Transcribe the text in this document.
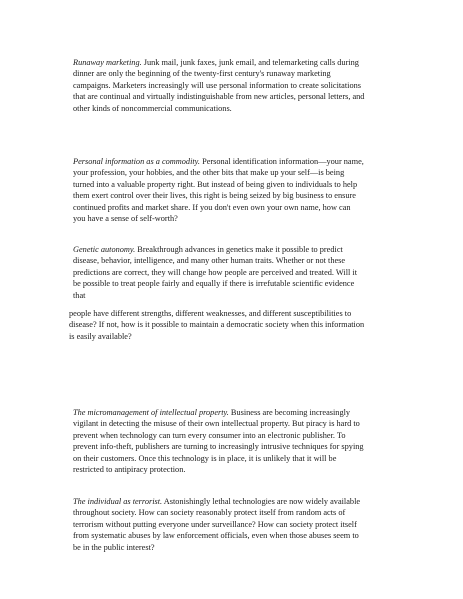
Runaway marketing. Junk mail, junk faxes, junk email, and telemarketing calls during
dinner are only the beginning of the twenty-first century's runaway marketing
campaigns. Marketers increasingly will use personal information to create solicitations
that are continual and virtually indistinguishable from new articles, personal letters, and
other kinds of noncommercial communications.
Personal information as a commodity. Personal identification information—your name,
your profession, your hobbies, and the other bits that make up your self—is being
turned into a valuable property right. But instead of being given to individuals to help
them exert control over their lives, this right is being seized by big business to ensure
continued profits and market share. If you don't even own your own name, how can
you have a sense of self-worth?
Genetic autonomy. Breakthrough advances in genetics make it possible to predict
disease, behavior, intelligence, and many other human traits. Whether or not these
predictions are correct, they will change how people are perceived and treated. Will it
be possible to treat people fairly and equally if there is irrefutable scientific evidence
that
people have different strengths, different weaknesses, and different susceptibilities to
disease? If not, how is it possible to maintain a democratic society when this information
is easily available?
The micromanagement of intellectual property. Business are becoming increasingly
vigilant in detecting the misuse of their own intellectual property. But piracy is hard to
prevent when technology can turn every consumer into an electronic publisher. To
prevent info-theft, publishers are turning to increasingly intrusive techniques for spying
on their customers. Once this technology is in place, it is unlikely that it will be
restricted to antipiracy protection.
The individual as terrorist. Astonishingly lethal technologies are now widely available
throughout society. How can society reasonably protect itself from random acts of
terrorism without putting everyone under surveillance? How can society protect itself
from systematic abuses by law enforcement officials, even when those abuses seem to
be in the public interest?
